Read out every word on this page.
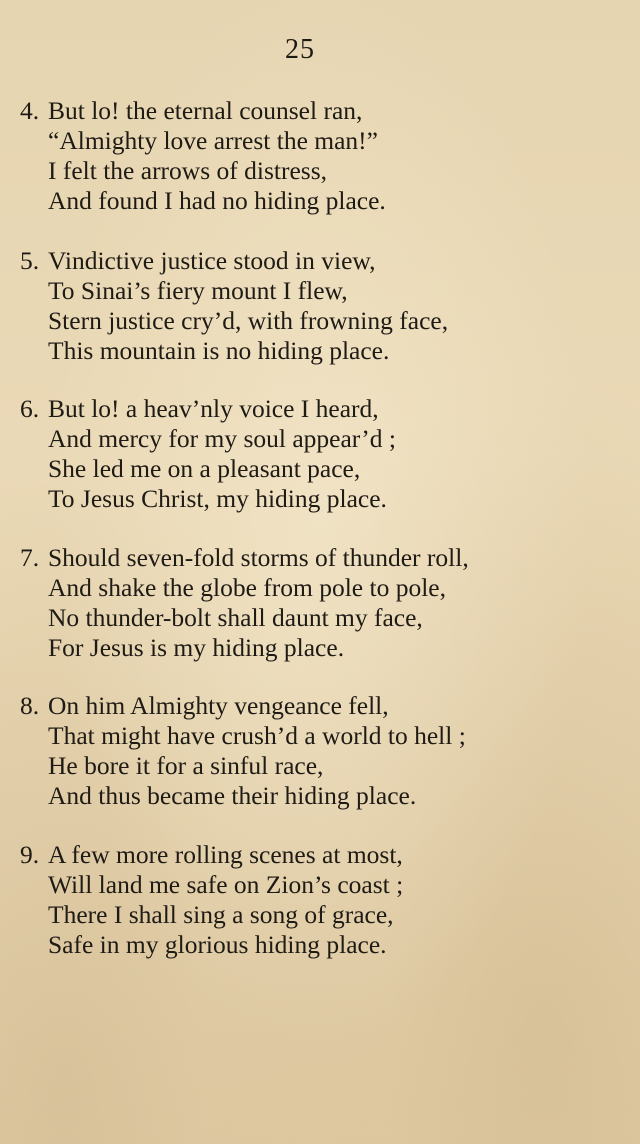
25
4. But lo! the eternal counsel ran,
“Almighty love arrest the man!”
I felt the arrows of distress,
And found I had no hiding place.
5. Vindictive justice stood in view,
To Sinai’s fiery mount I flew,
Stern justice cry’d, with frowning face,
This mountain is no hiding place.
6. But lo! a heav’nly voice I heard,
And mercy for my soul appear’d ;
She led me on a pleasant pace,
To Jesus Christ, my hiding place.
7. Should seven-fold storms of thunder roll,
And shake the globe from pole to pole,
No thunder-bolt shall daunt my face,
For Jesus is my hiding place.
8. On him Almighty vengeance fell,
That might have crush’d a world to hell ;
He bore it for a sinful race,
And thus became their hiding place.
9. A few more rolling scenes at most,
Will land me safe on Zion’s coast ;
There I shall sing a song of grace,
Safe in my glorious hiding place.
